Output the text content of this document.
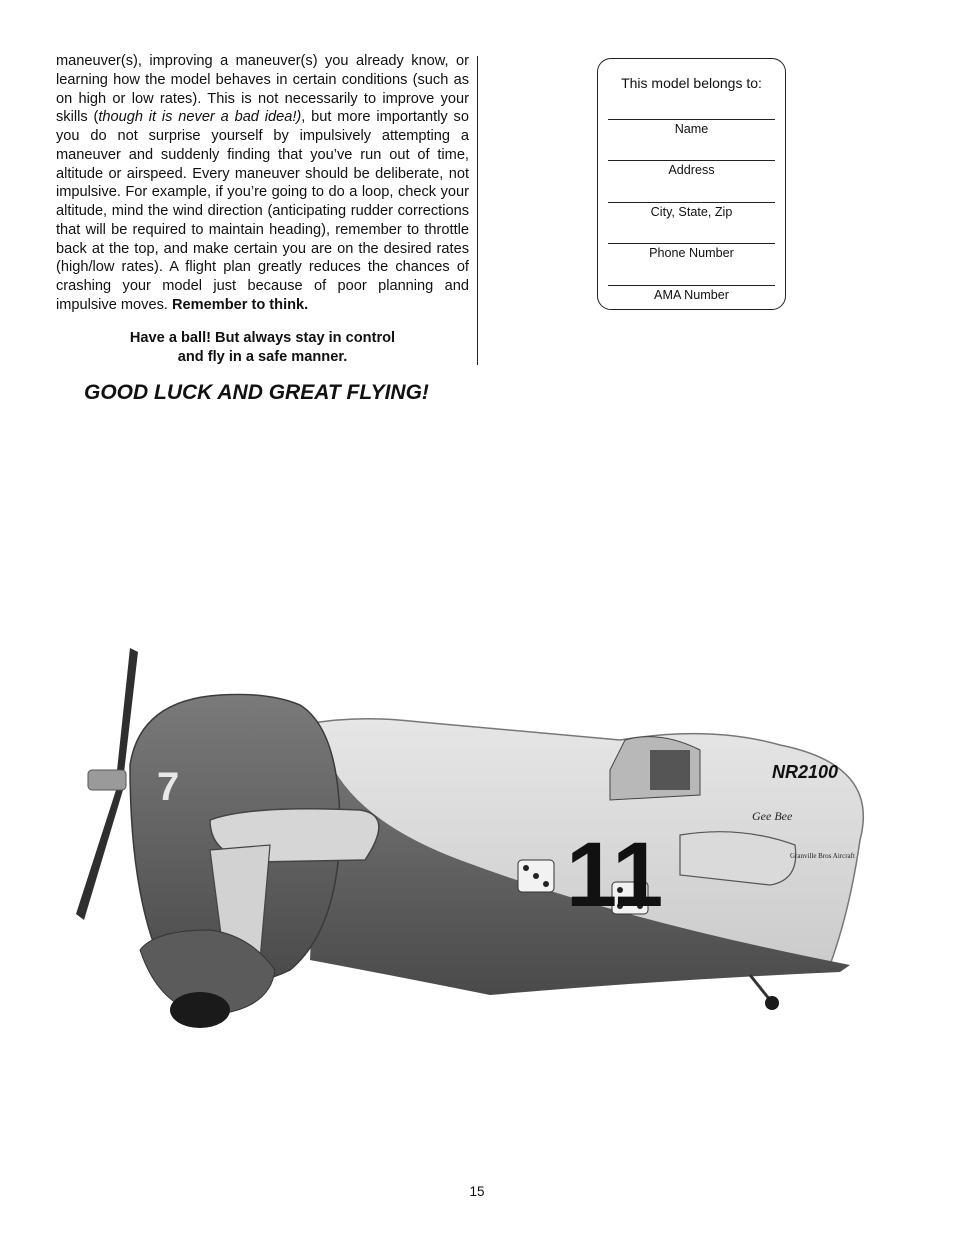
maneuver(s), improving a maneuver(s) you already know, or learning how the model behaves in certain conditions (such as on high or low rates). This is not necessarily to improve your skills (though it is never a bad idea!), but more importantly so you do not surprise yourself by impulsively attempting a maneuver and suddenly finding that you’ve run out of time, altitude or airspeed. Every maneuver should be deliberate, not impulsive. For example, if you’re going to do a loop, check your altitude, mind the wind direction (anticipating rudder corrections that will be required to maintain heading), remember to throttle back at the top, and make certain you are on the desired rates (high/low rates). A flight plan greatly reduces the chances of crashing your model just because of poor planning and impulsive moves. Remember to think.

Have a ball! But always stay in control
and fly in a safe manner.
GOOD LUCK AND GREAT FLYING!
This model belongs to:
Name
Address
City, State, Zip
Phone Number
AMA Number
11
7	NR2100
Gee Bee
Granville Bros Aircraft
15
